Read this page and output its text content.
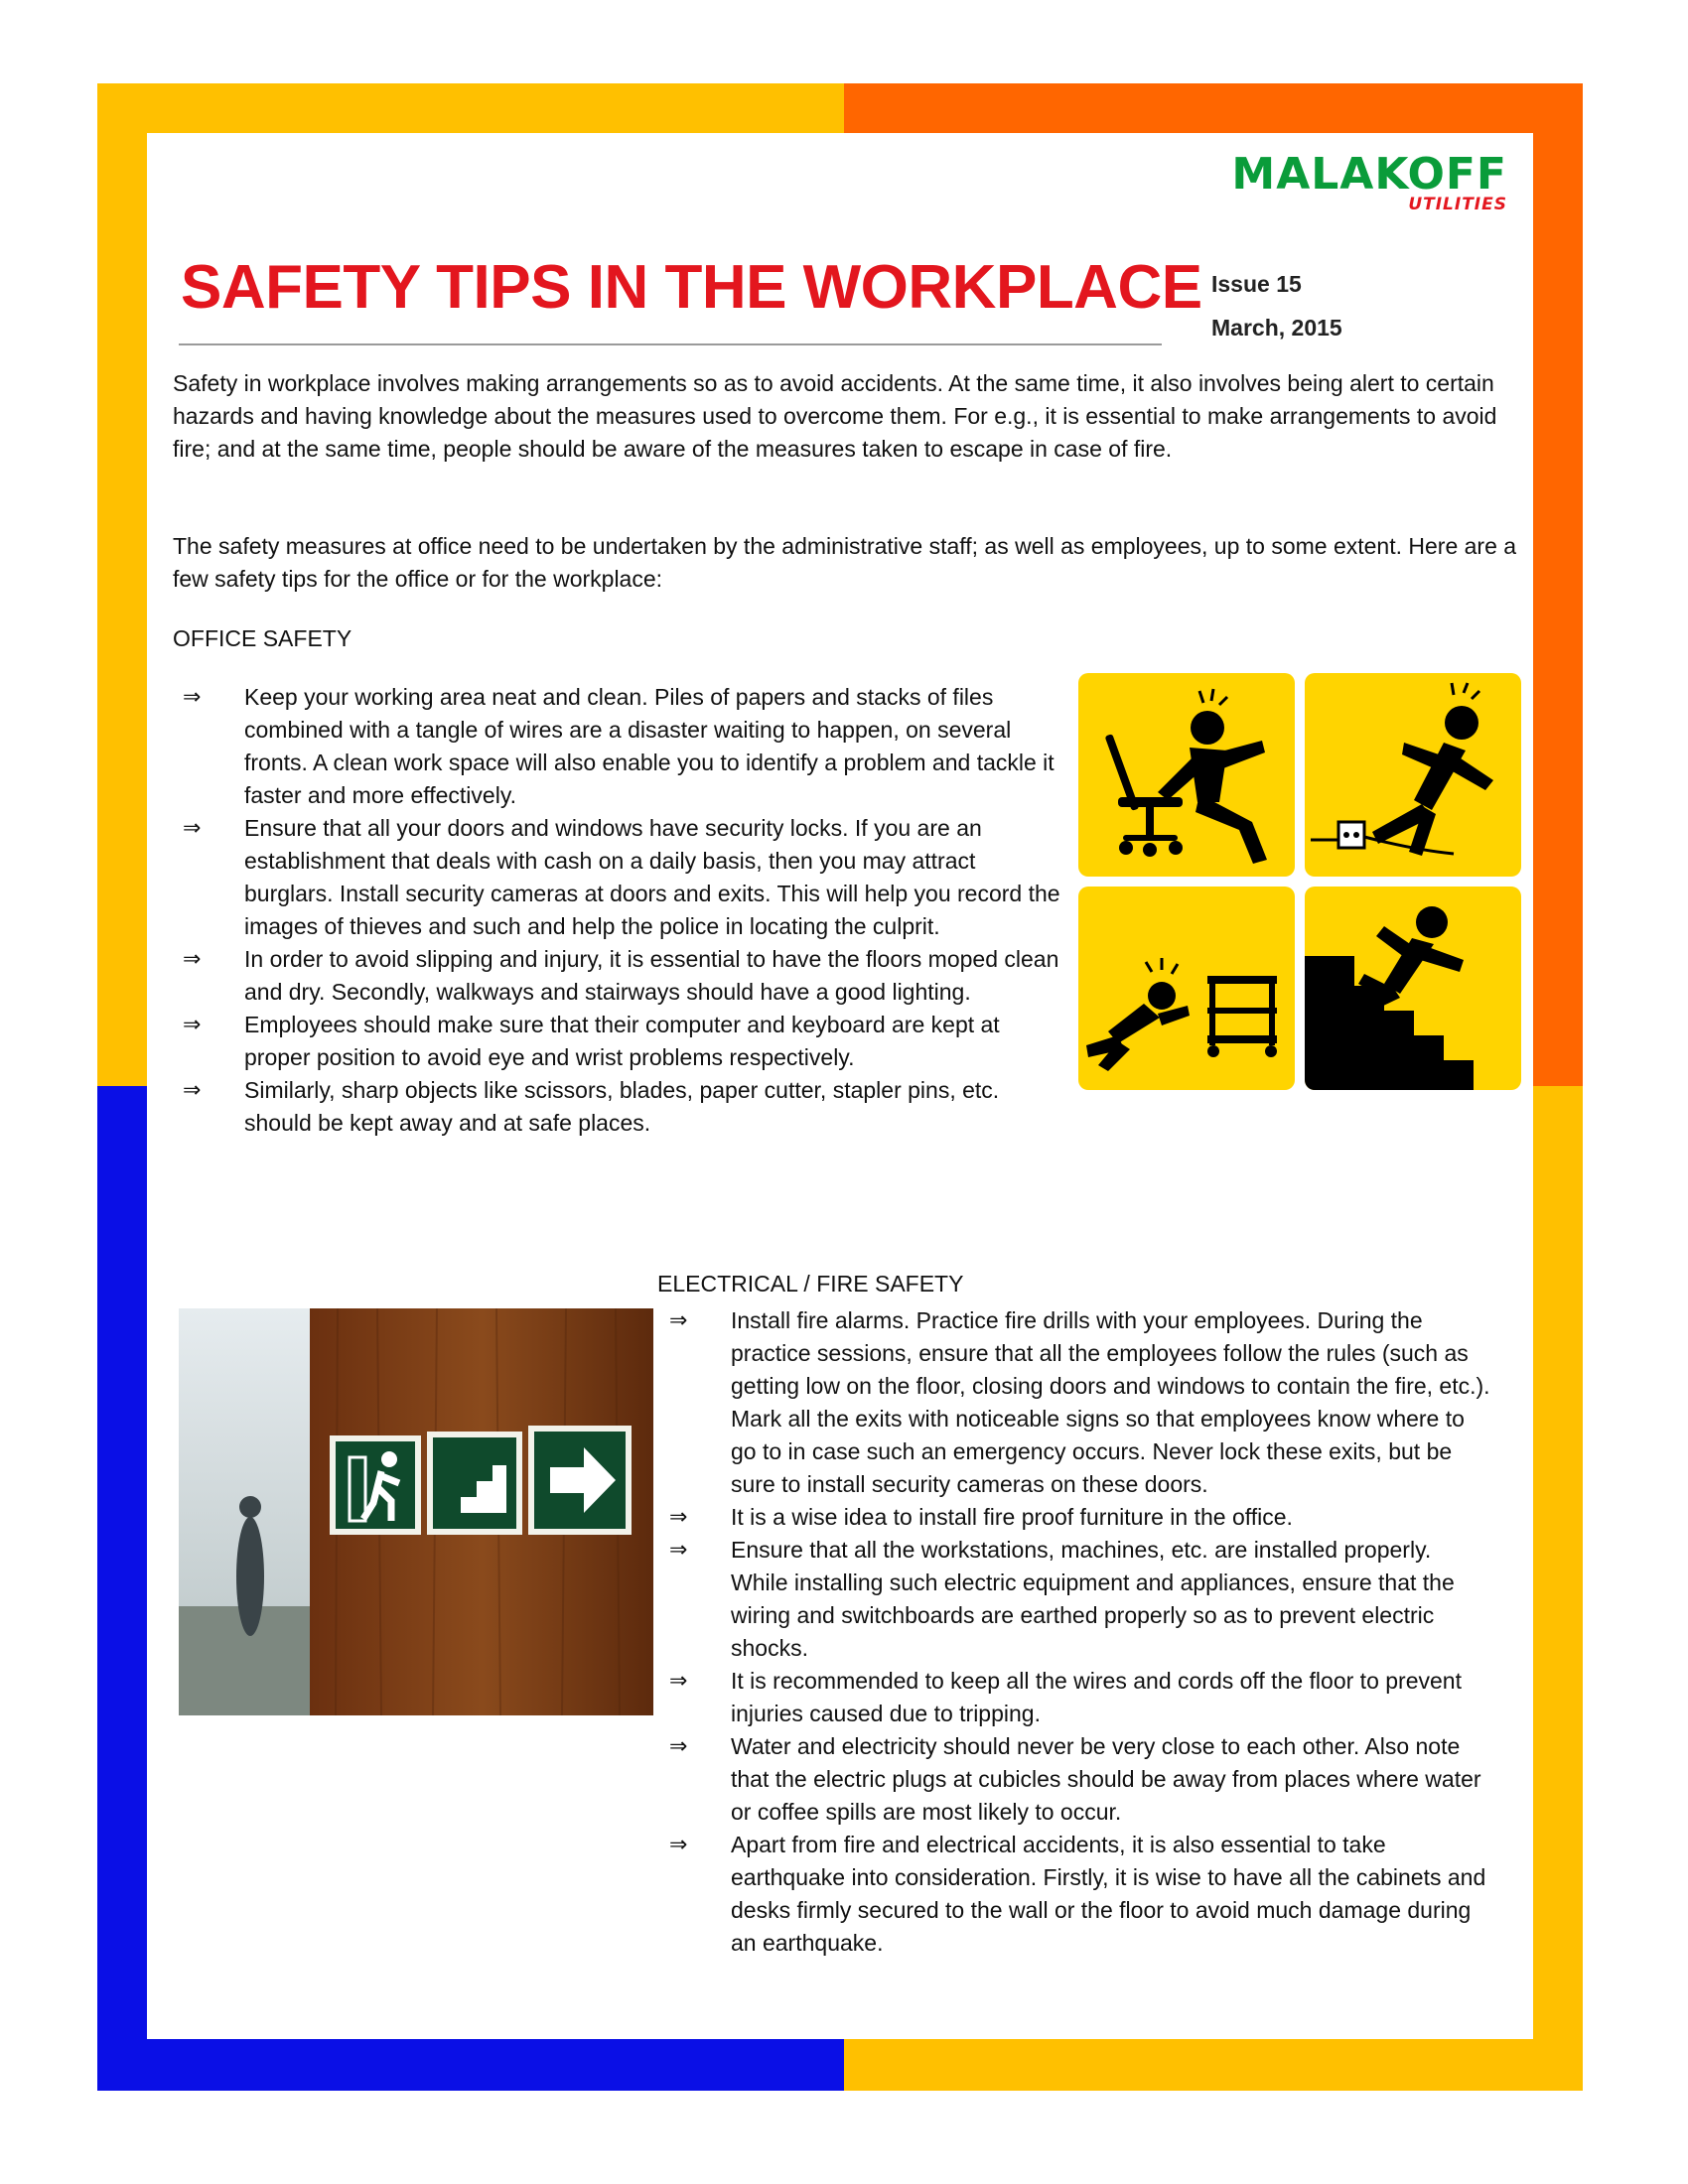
MALAKOFF
UTILITIES
SAFETY TIPS IN THE WORKPLACE Issue 15
March, 2015

Safety in workplace involves making arrangements so as to avoid accidents. At the same time, it also involves being alert to certain hazards and having knowledge about the measures used to overcome them. For e.g., it is essential to make arrangements to avoid fire; and at the same time, people should be aware of the measures taken to escape in case of fire.

The safety measures at office need to be undertaken by the administrative staff; as well as employees, up to some extent. Here are a few safety tips for the office or for the workplace:

OFFICE SAFETY
⇒ Keep your working area neat and clean. Piles of papers and stacks of files combined with a tangle of wires are a disaster waiting to happen, on several fronts. A clean work space will also enable you to identify a problem and tackle it faster and more effectively.
⇒ Ensure that all your doors and windows have security locks. If you are an establishment that deals with cash on a daily basis, then you may attract burglars. Install security cameras at doors and exits. This will help you record the images of thieves and such and help the police in locating the culprit.
⇒ In order to avoid slipping and injury, it is essential to have the floors moped clean and dry. Secondly, walkways and stairways should have a good lighting.
⇒ Employees should make sure that their computer and keyboard are kept at proper position to avoid eye and wrist problems respectively.
⇒ Similarly, sharp objects like scissors, blades, paper cutter, stapler pins, etc. should be kept away and at safe places.
ELECTRICAL / FIRE SAFETY
⇒ Install fire alarms. Practice fire drills with your employees. During the practice sessions, ensure that all the employees follow the rules (such as getting low on the floor, closing doors and windows to contain the fire, etc.). Mark all the exits with noticeable signs so that employees know where to go to in case such an emergency occurs. Never lock these exits, but be sure to install security cameras on these doors.
⇒ It is a wise idea to install fire proof furniture in the office.
⇒ Ensure that all the workstations, machines, etc. are installed properly. While installing such electric equipment and appliances, ensure that the wiring and switchboards are earthed properly so as to prevent electric shocks.
⇒ It is recommended to keep all the wires and cords off the floor to prevent injuries caused due to tripping.
⇒ Water and electricity should never be very close to each other. Also note that the electric plugs at cubicles should be away from places where water or coffee spills are most likely to occur.
⇒ Apart from fire and electrical accidents, it is also essential to take earthquake into consideration. Firstly, it is wise to have all the cabinets and desks firmly secured to the wall or the floor to avoid much damage during an earthquake.
